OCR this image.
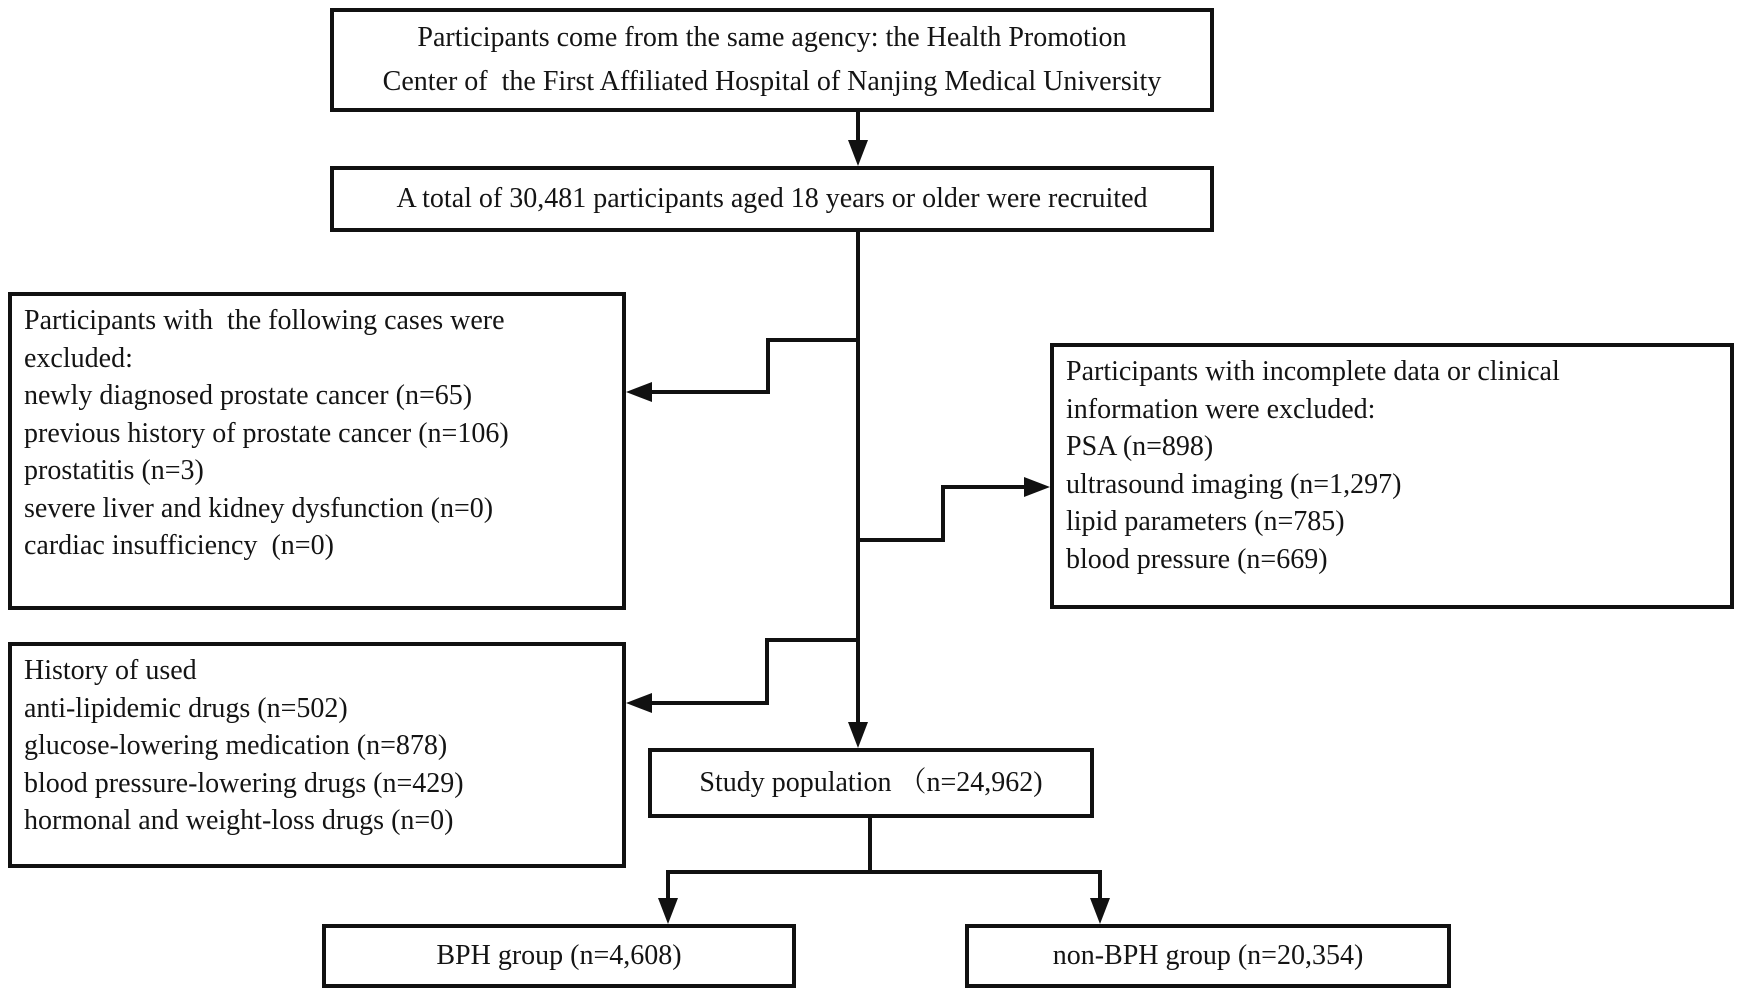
Participants come from the same agency: the Health Promotion
Center of  the First Affiliated Hospital of Nanjing Medical University
A total of 30,481 participants aged 18 years or older were recruited
Participants with  the following cases were
excluded:
newly diagnosed prostate cancer (n=65)
previous history of prostate cancer (n=106)
prostatitis (n=3)
severe liver and kidney dysfunction (n=0)
cardiac insufficiency  (n=0)
Participants with incomplete data or clinical
information were excluded:
PSA (n=898)
ultrasound imaging (n=1,297)
lipid parameters (n=785)
blood pressure (n=669)
History of used
anti-lipidemic drugs (n=502)
glucose-lowering medication (n=878)
blood pressure-lowering drugs (n=429)
hormonal and weight-loss drugs (n=0)
Study population （n=24,962)
BPH group (n=4,608)	non-BPH group (n=20,354)
